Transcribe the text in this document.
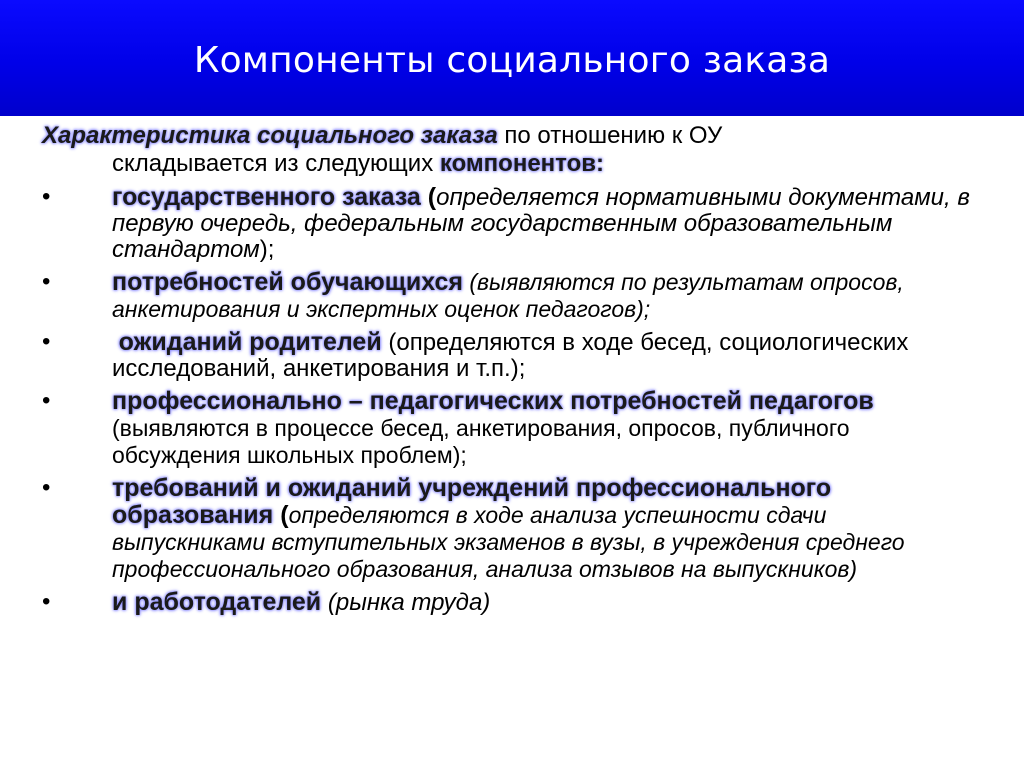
Компоненты социального заказа

Характеристика социального заказа по отношению к ОУ
складывается из следующих компонентов:

•	государственного заказа (определяется нормативными документами, в первую очередь, федеральным государственным образовательным стандартом);
•	потребностей обучающихся (выявляются по результатам опросов, анкетирования и экспертных оценок педагогов);
•	ожиданий родителей (определяются в ходе бесед, социологических исследований, анкетирования и т.п.);
•	профессионально – педагогических потребностей педагогов (выявляются в процессе бесед, анкетирования, опросов, публичного обсуждения школьных проблем);
•	требований и ожиданий учреждений профессионального образования (определяются в ходе анализа успешности сдачи выпускниками вступительных экзаменов в вузы, в учреждения среднего профессионального образования, анализа отзывов на выпускников)
•	и работодателей (рынка труда)
